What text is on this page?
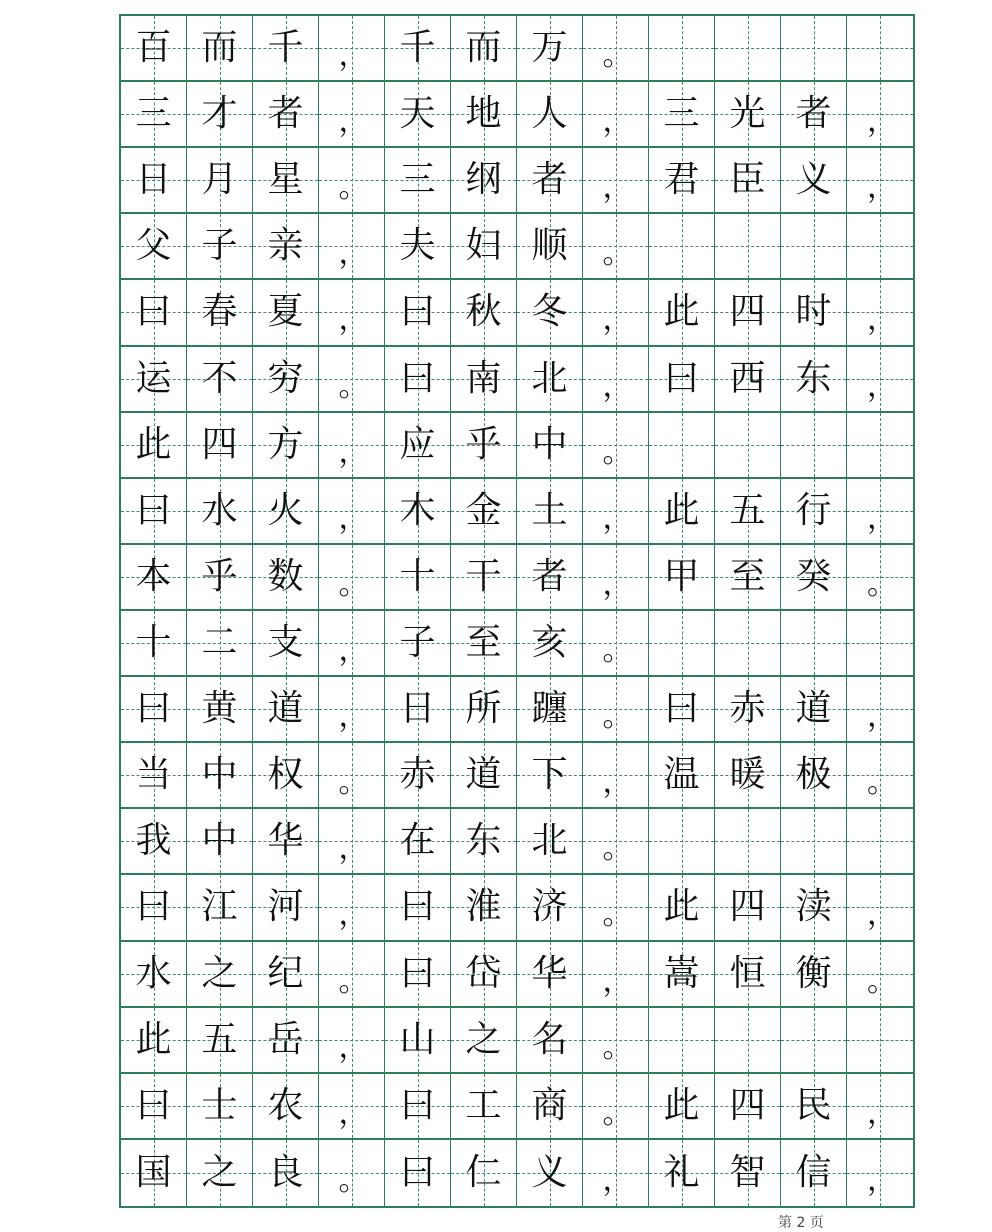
百 而 千 ， 千 而 万 。
三 才 者 ， 天 地 人 ， 三 光 者 ，
日 月 星 。 三 纲 者 ， 君 臣 义 ，
父 子 亲 ， 夫 妇 顺 。
曰 春 夏 ， 曰 秋 冬 ， 此 四 时 ，
运 不 穷 。 曰 南 北 ， 曰 西 东 ，
此 四 方 ， 应 乎 中 。
曰 水 火 ， 木 金 土 ， 此 五 行 ，
本 乎 数 。 十 干 者 ， 甲 至 癸 。
十 二 支 ， 子 至 亥 。
曰 黄 道 ， 日 所 躔 。 曰 赤 道 ，
当 中 权 。 赤 道 下 ， 温 暖 极 。
我 中 华 ， 在 东 北 。
曰 江 河 ， 曰 淮 济 。 此 四 渎 ，
水 之 纪 。 曰 岱 华 ， 嵩 恒 衡 。
此 五 岳 ， 山 之 名 。
曰 士 农 ， 曰 工 商 。 此 四 民 ，
国 之 良 。 曰 仁 义 ， 礼 智 信 ，
第 2 页
